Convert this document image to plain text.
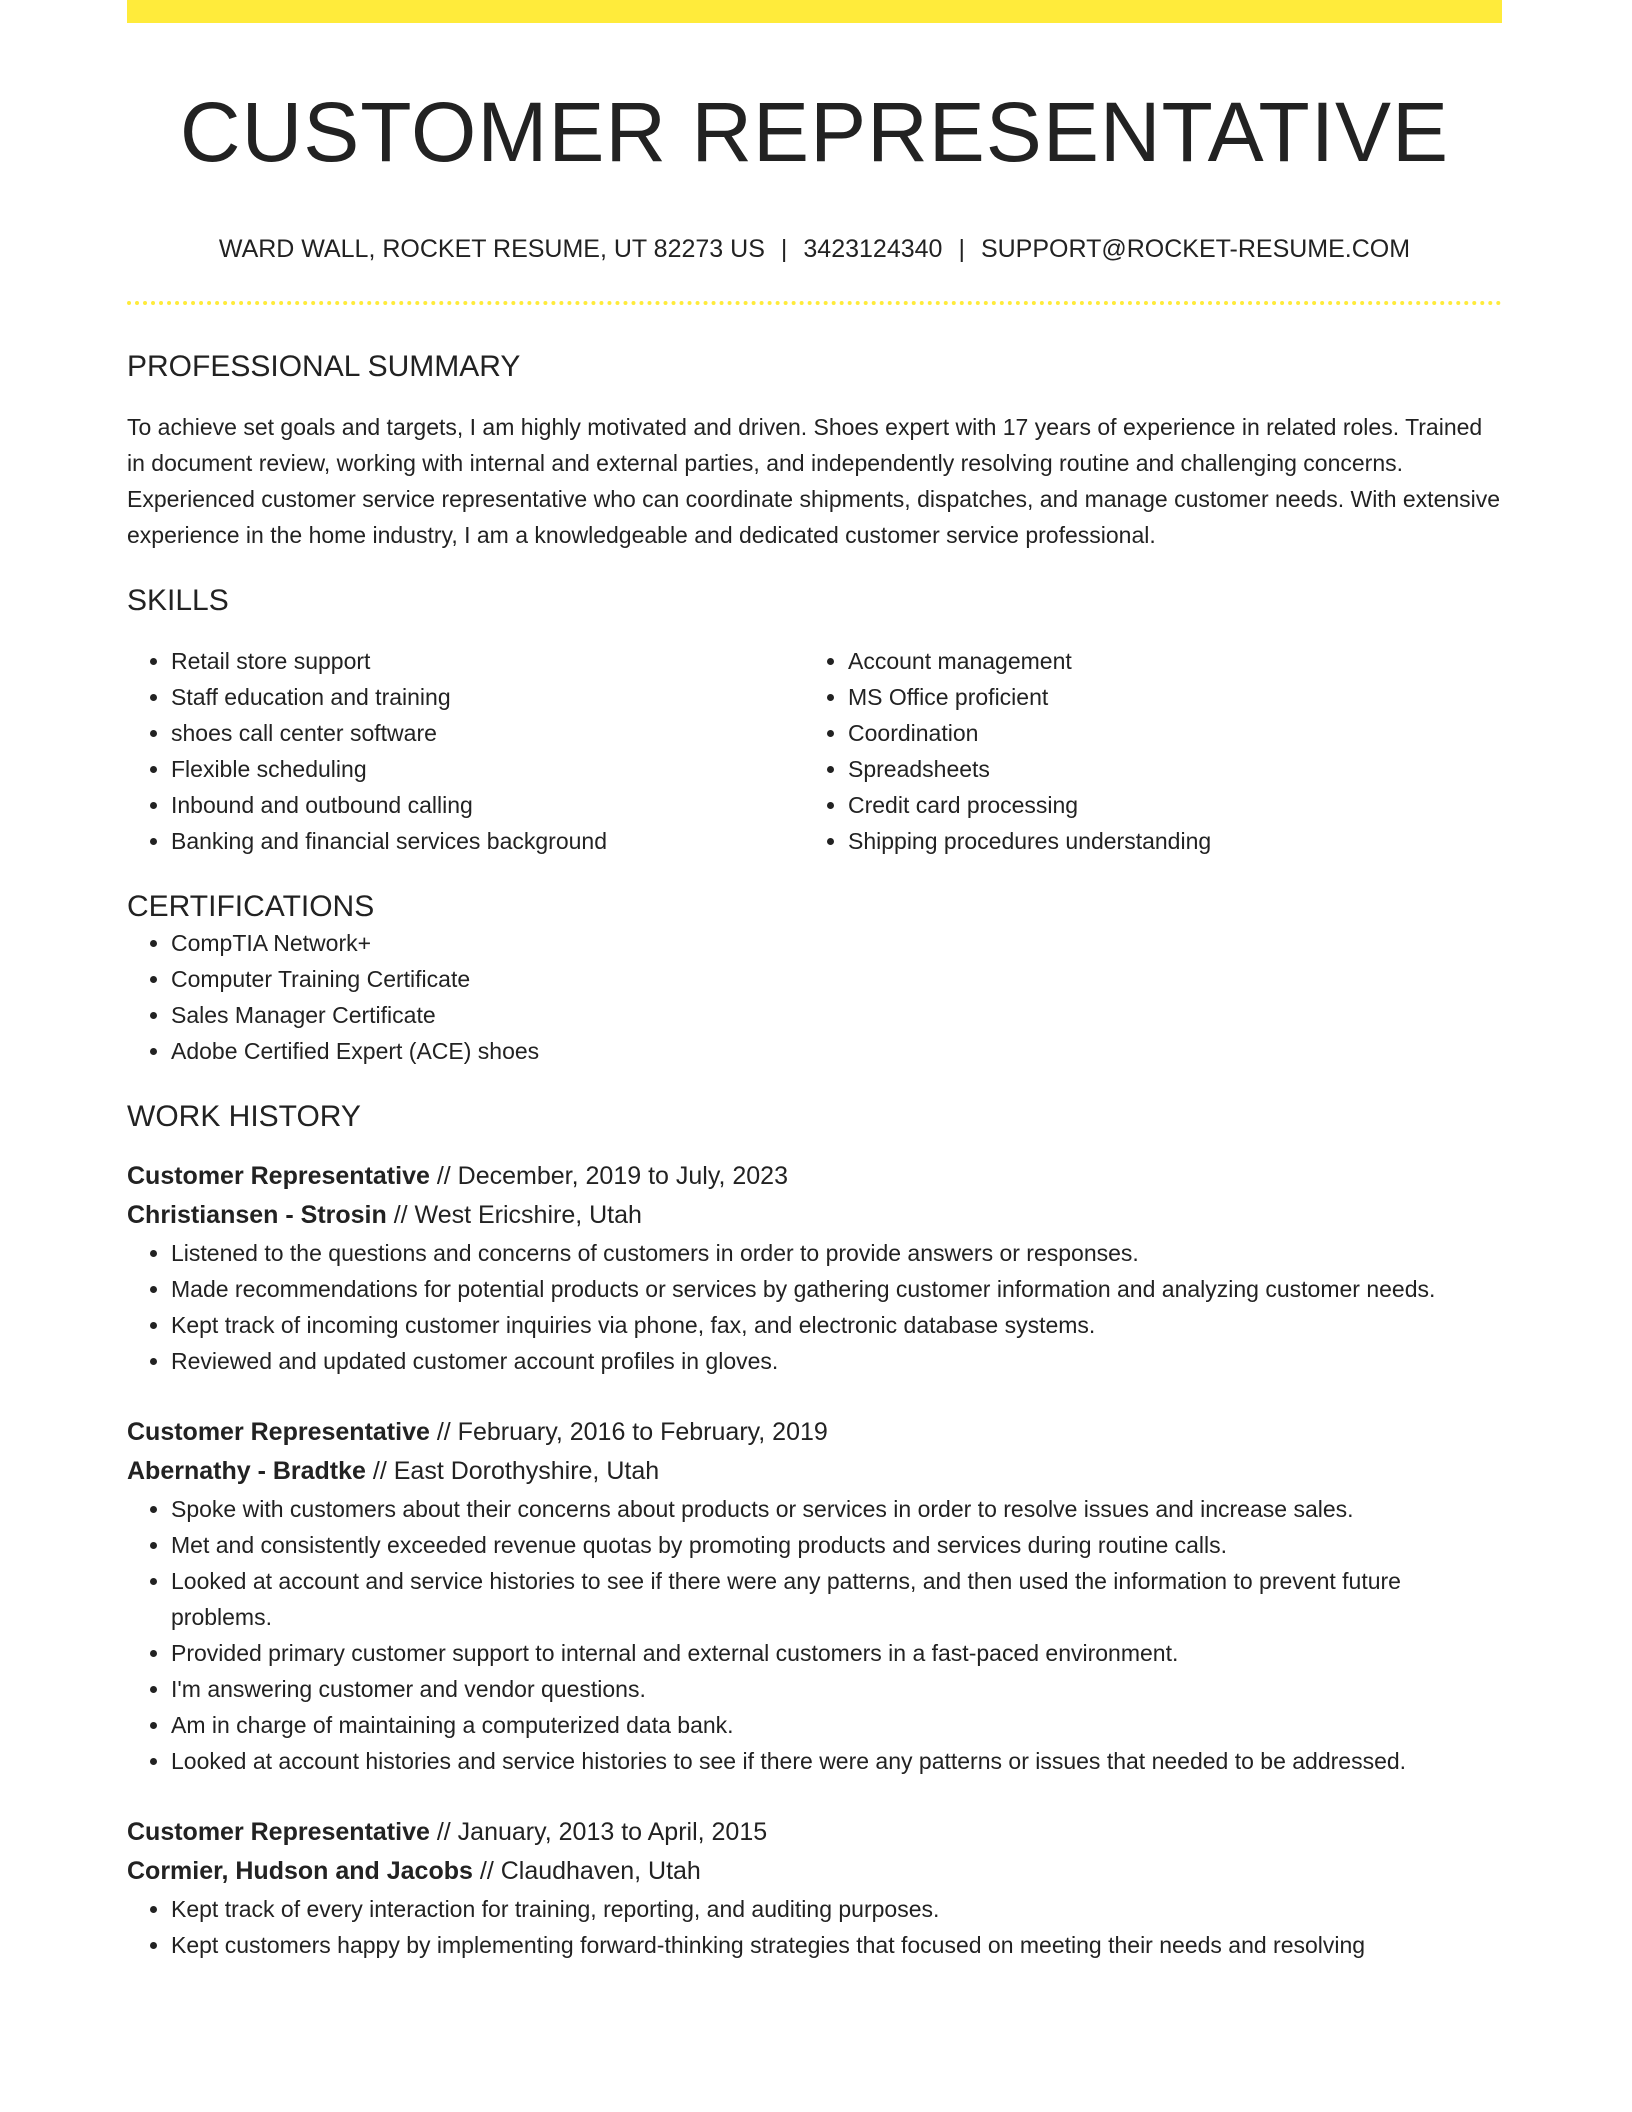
CUSTOMER REPRESENTATIVE
WARD WALL, ROCKET RESUME, UT 82273 US | 3423124340 | SUPPORT@ROCKET-RESUME.COM
PROFESSIONAL SUMMARY
To achieve set goals and targets, I am highly motivated and driven. Shoes expert with 17 years of experience in related roles. Trained in document review, working with internal and external parties, and independently resolving routine and challenging concerns. Experienced customer service representative who can coordinate shipments, dispatches, and manage customer needs. With extensive experience in the home industry, I am a knowledgeable and dedicated customer service professional.
SKILLS
• Retail store support
• Staff education and training
• shoes call center software
• Flexible scheduling
• Inbound and outbound calling
• Banking and financial services background
• Account management
• MS Office proficient
• Coordination
• Spreadsheets
• Credit card processing
• Shipping procedures understanding
CERTIFICATIONS
• CompTIA Network+
• Computer Training Certificate
• Sales Manager Certificate
• Adobe Certified Expert (ACE) shoes
WORK HISTORY
Customer Representative // December, 2019 to July, 2023
Christiansen - Strosin // West Ericshire, Utah
• Listened to the questions and concerns of customers in order to provide answers or responses.
• Made recommendations for potential products or services by gathering customer information and analyzing customer needs.
• Kept track of incoming customer inquiries via phone, fax, and electronic database systems.
• Reviewed and updated customer account profiles in gloves.
Customer Representative // February, 2016 to February, 2019
Abernathy - Bradtke // East Dorothyshire, Utah
• Spoke with customers about their concerns about products or services in order to resolve issues and increase sales.
• Met and consistently exceeded revenue quotas by promoting products and services during routine calls.
• Looked at account and service histories to see if there were any patterns, and then used the information to prevent future problems.
• Provided primary customer support to internal and external customers in a fast-paced environment.
• I'm answering customer and vendor questions.
• Am in charge of maintaining a computerized data bank.
• Looked at account histories and service histories to see if there were any patterns or issues that needed to be addressed.
Customer Representative // January, 2013 to April, 2015
Cormier, Hudson and Jacobs // Claudhaven, Utah
• Kept track of every interaction for training, reporting, and auditing purposes.
• Kept customers happy by implementing forward-thinking strategies that focused on meeting their needs and resolving
